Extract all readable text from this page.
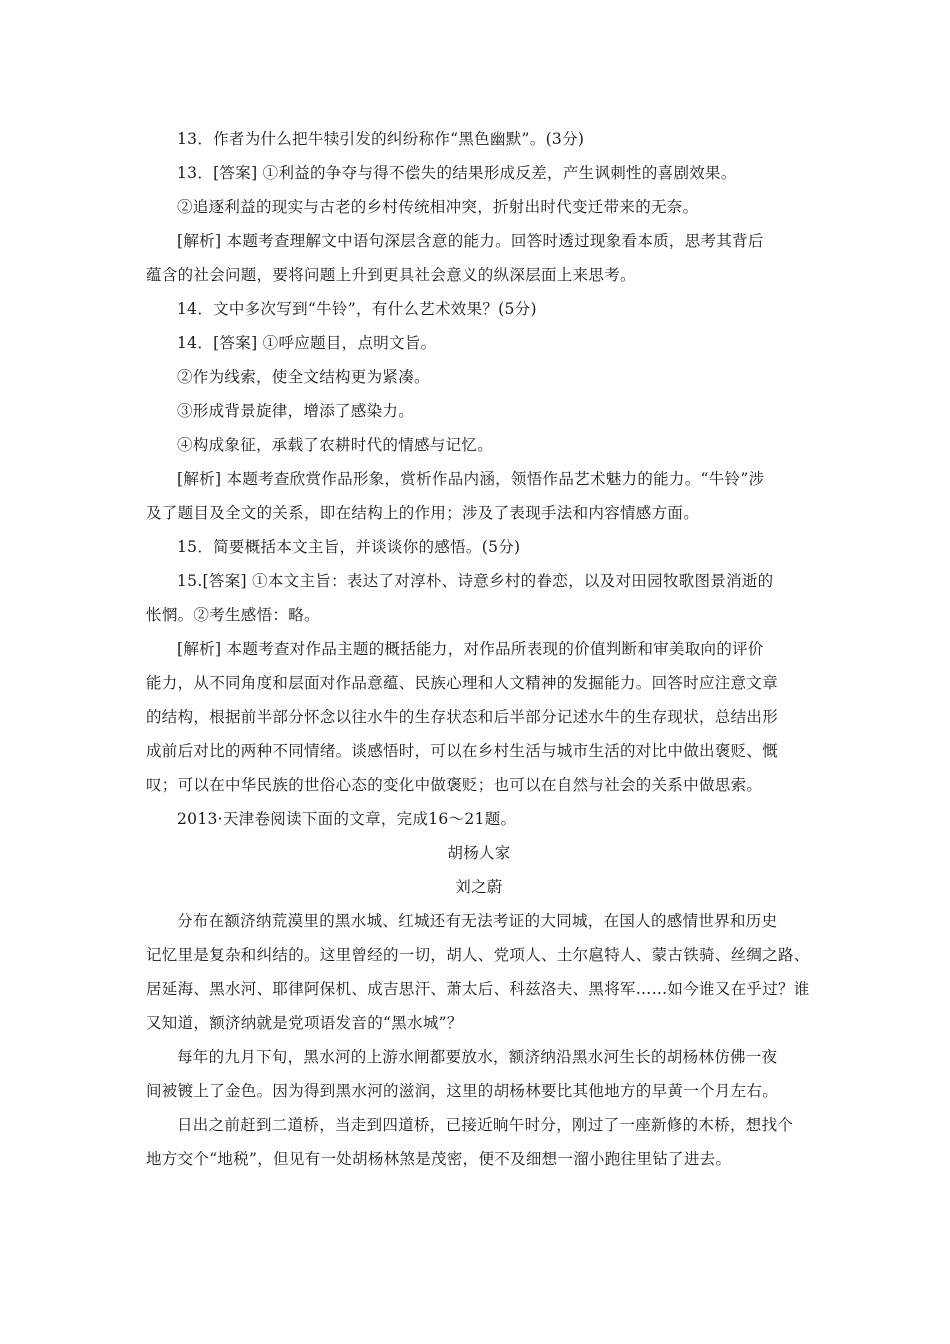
13．作者为什么把牛犊引发的纠纷称作“黑色幽默”。(3分)

13．[答案] ①利益的争夺与得不偿失的结果形成反差，产生讽刺性的喜剧效果。

②追逐利益的现实与古老的乡村传统相冲突，折射出时代变迁带来的无奈。

[解析] 本题考查理解文中语句深层含意的能力。回答时透过现象看本质，思考其背后

蕴含的社会问题，要将问题上升到更具社会意义的纵深层面上来思考。

14．文中多次写到“牛铃”，有什么艺术效果？(5分)

14．[答案] ①呼应题目，点明文旨。

②作为线索，使全文结构更为紧凑。

③形成背景旋律，增添了感染力。

④构成象征，承载了农耕时代的情感与记忆。

[解析] 本题考查欣赏作品形象，赏析作品内涵，领悟作品艺术魅力的能力。“牛铃”涉

及了题目及全文的关系，即在结构上的作用；涉及了表现手法和内容情感方面。

15．简要概括本文主旨，并谈谈你的感悟。(5分)

15.[答案] ①本文主旨：表达了对淳朴、诗意乡村的眷恋，以及对田园牧歌图景消逝的

怅惘。②考生感悟：略。

[解析] 本题考查对作品主题的概括能力，对作品所表现的价值判断和审美取向的评价

能力，从不同角度和层面对作品意蕴、民族心理和人文精神的发掘能力。回答时应注意文章

的结构，根据前半部分怀念以往水牛的生存状态和后半部分记述水牛的生存现状，总结出形

成前后对比的两种不同情绪。谈感悟时，可以在乡村生活与城市生活的对比中做出褒贬、慨

叹；可以在中华民族的世俗心态的变化中做褒贬；也可以在自然与社会的关系中做思索。

2013·天津卷阅读下面的文章，完成16～21题。

胡杨人家

刘之蔚

分布在额济纳荒漠里的黑水城、红城还有无法考证的大同城，在国人的感情世界和历史

记忆里是复杂和纠结的。这里曾经的一切，胡人、党项人、土尔扈特人、蒙古铁骑、丝绸之路、

居延海、黑水河、耶律阿保机、成吉思汗、萧太后、科兹洛夫、黑将军……如今谁又在乎过？谁

又知道，额济纳就是党项语发音的“黑水城”？

每年的九月下旬，黑水河的上游水闸都要放水，额济纳沿黑水河生长的胡杨林仿佛一夜

间被镀上了金色。因为得到黑水河的滋润，这里的胡杨林要比其他地方的早黄一个月左右。

日出之前赶到二道桥，当走到四道桥，已接近晌午时分，刚过了一座新修的木桥，想找个

地方交个“地税”，但见有一处胡杨林煞是茂密，便不及细想一溜小跑往里钻了进去。
